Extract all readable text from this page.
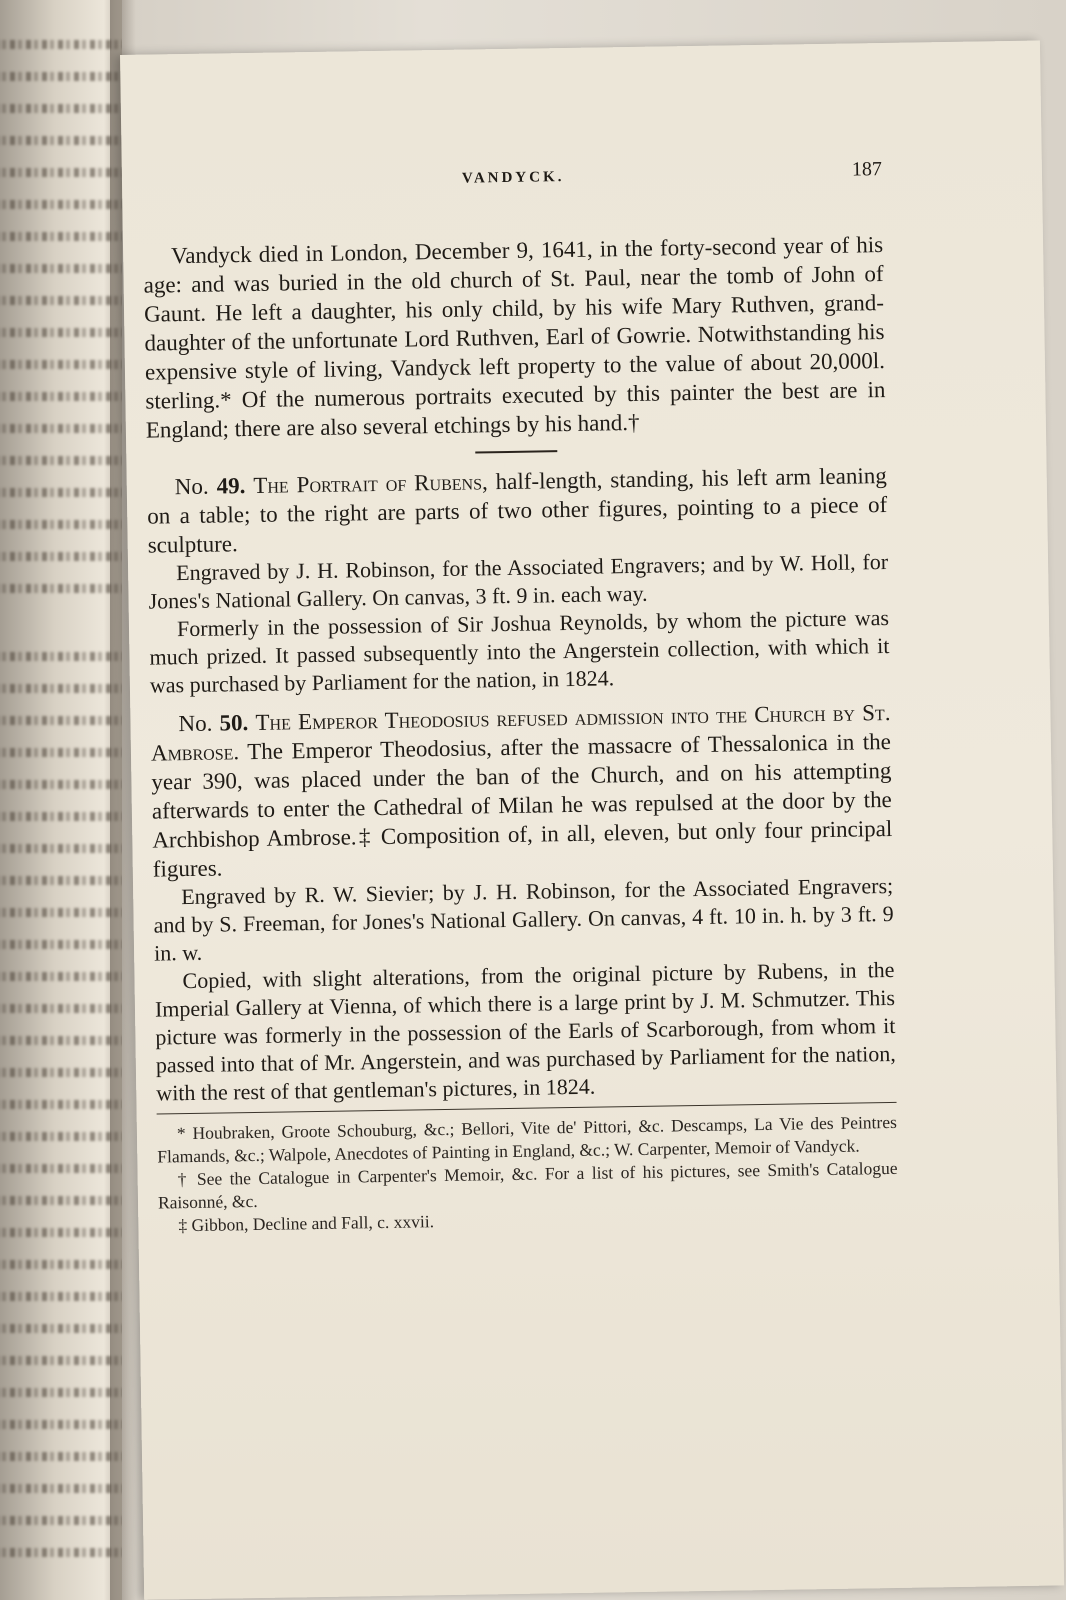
VANDYCK.	187

Vandyck died in London, December 9, 1641, in the forty-second year of his age: and was buried in the old church of St. Paul, near the tomb of John of Gaunt. He left a daughter, his only child, by his wife Mary Ruthven, grand-daughter of the unfortunate Lord Ruthven, Earl of Gowrie. Notwithstanding his expensive style of living, Vandyck left property to the value of about 20,000l. sterling.* Of the numerous portraits executed by this painter the best are in England; there are also several etchings by his hand.†

No. 49. The Portrait of Rubens, half-length, standing, his left arm leaning on a table; to the right are parts of two other figures, pointing to a piece of sculpture.

Engraved by J. H. Robinson, for the Associated Engravers; and by W. Holl, for Jones's National Gallery. On canvas, 3 ft. 9 in. each way.

Formerly in the possession of Sir Joshua Reynolds, by whom the picture was much prized. It passed subsequently into the Angerstein collection, with which it was purchased by Parliament for the nation, in 1824.

No. 50. The Emperor Theodosius refused admission into the Church by St. Ambrose. The Emperor Theodosius, after the massacre of Thessalonica in the year 390, was placed under the ban of the Church, and on his attempting afterwards to enter the Cathedral of Milan he was repulsed at the door by the Archbishop Ambrose.‡ Composition of, in all, eleven, but only four principal figures.

Engraved by R. W. Sievier; by J. H. Robinson, for the Associated Engravers; and by S. Freeman, for Jones's National Gallery. On canvas, 4 ft. 10 in. h. by 3 ft. 9 in. w.

Copied, with slight alterations, from the original picture by Rubens, in the Imperial Gallery at Vienna, of which there is a large print by J. M. Schmutzer. This picture was formerly in the possession of the Earls of Scarborough, from whom it passed into that of Mr. Angerstein, and was purchased by Parliament for the nation, with the rest of that gentleman's pictures, in 1824.

* Houbraken, Groote Schouburg, &c.; Bellori, Vite de' Pittori, &c. Descamps, La Vie des Peintres Flamands, &c.; Walpole, Anecdotes of Painting in England, &c.; W. Carpenter, Memoir of Vandyck.

† See the Catalogue in Carpenter's Memoir, &c. For a list of his pictures, see Smith's Catalogue Raisonné, &c.

‡ Gibbon, Decline and Fall, c. xxvii.
